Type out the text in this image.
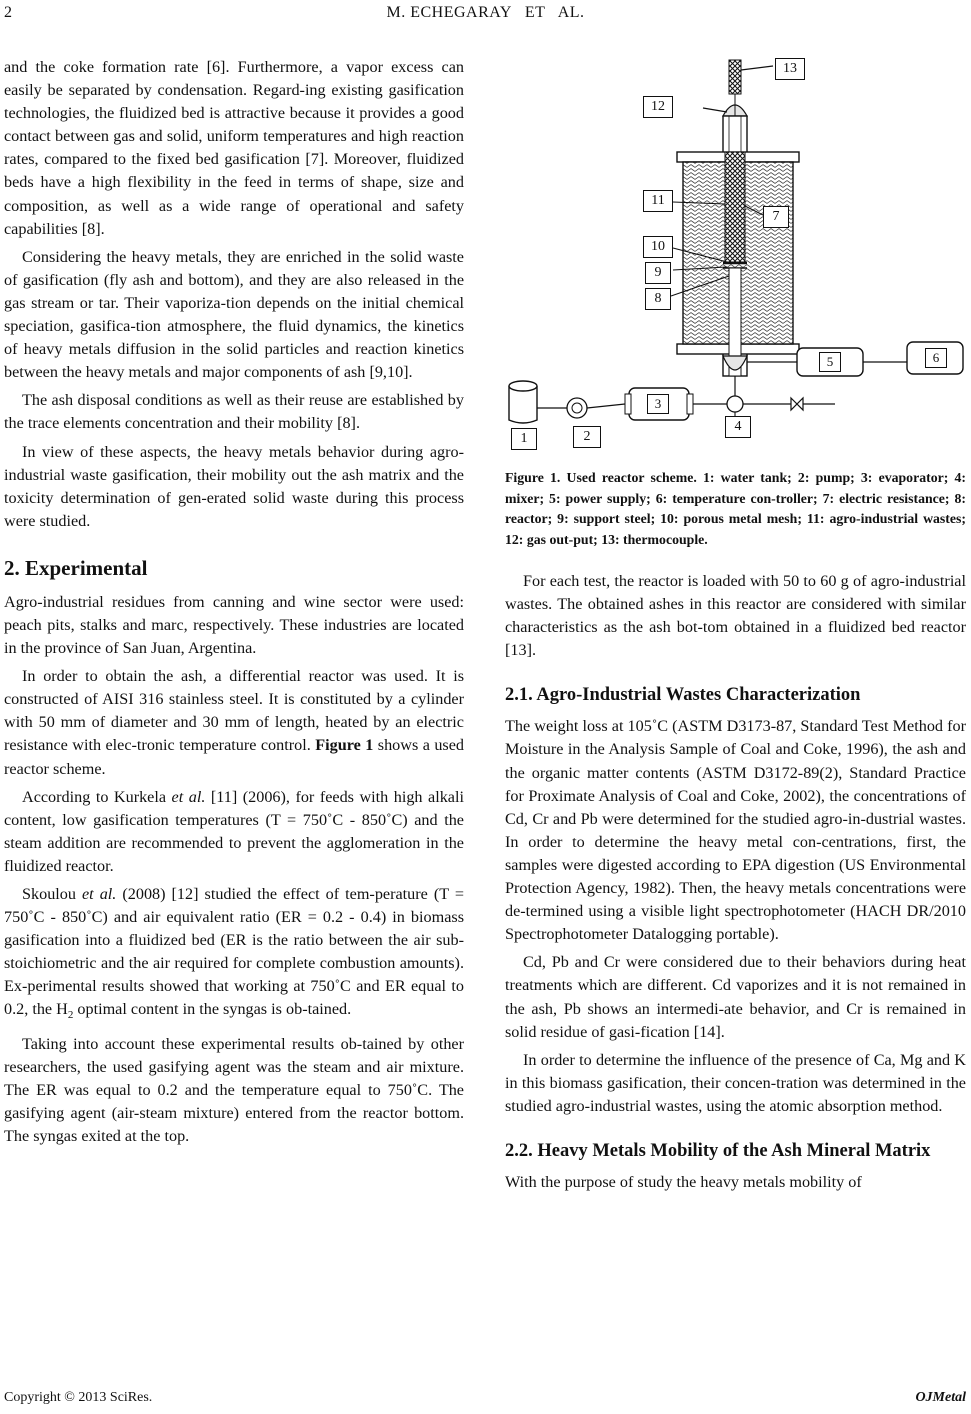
2	M. ECHEGARAY   ET   AL.

and the coke formation rate [6]. Furthermore, a vapor excess can easily be separated by condensation. Regard-ing existing gasification technologies, the fluidized bed is attractive because it provides a good contact between gas and solid, uniform temperatures and high reaction rates, compared to the fixed bed gasification [7]. Moreover, fluidized beds have a high flexibility in the feed in terms of shape, size and composition, as well as a wide range of operational and safety capabilities [8].

Considering the heavy metals, they are enriched in the solid waste of gasification (fly ash and bottom), and they are also released in the gas stream or tar. Their vaporiza-tion depends on the initial chemical speciation, gasifica-tion atmosphere, the fluid dynamics, the kinetics of heavy metals diffusion in the solid particles and reaction kinetics between the heavy metals and major components of ash [9,10].

The ash disposal conditions as well as their reuse are established by the trace elements concentration and their mobility [8].

In view of these aspects, the heavy metals behavior during agro-industrial waste gasification, their mobility out the ash matrix and the toxicity determination of gen-erated solid waste during this process were studied.

2. Experimental

Agro-industrial residues from canning and wine sector were used: peach pits, stalks and marc, respectively. These industries are located in the province of San Juan, Argentina.

In order to obtain the ash, a differential reactor was used. It is constructed of AISI 316 stainless steel. It is constituted by a cylinder with 50 mm of diameter and 30 mm of length, heated by an electric resistance with elec-tronic temperature control. Figure 1 shows a used reactor scheme.

According to Kurkela et al. [11] (2006), for feeds with high alkali content, low gasification temperatures (T = 750˚C - 850˚C) and the steam addition are recommended to prevent the agglomeration in the fluidized reactor.

Skoulou et al. (2008) [12] studied the effect of tem-perature (T = 750˚C - 850˚C) and air equivalent ratio (ER = 0.2 - 0.4) in biomass gasification into a fluidized bed (ER is the ratio between the air sub-stoichiometric and the air required for complete combustion amounts). Ex-perimental results showed that working at 750˚C and ER equal to 0.2, the $H_2$ optimal content in the syngas is ob-tained.

Taking into account these experimental results ob-tained by other researchers, the used gasifying agent was the steam and air mixture. The ER was equal to 0.2 and the temperature equal to 750˚C. The gasifying agent (air-steam mixture) entered from the reactor bottom. The syngas exited at the top.

13
12
11
7
10
9
8
5	6
3
4
1	2

Figure 1. Used reactor scheme. 1: water tank; 2: pump; 3: evaporator; 4: mixer; 5: power supply; 6: temperature con-troller; 7: electric resistance; 8: reactor; 9: support steel; 10: porous metal mesh; 11: agro-industrial wastes; 12: gas out-put; 13: thermocouple.

For each test, the reactor is loaded with 50 to 60 g of agro-industrial wastes. The obtained ashes in this reactor are considered with similar characteristics as the ash bot-tom obtained in a fluidized bed reactor [13].

2.1. Agro-Industrial Wastes Characterization

The weight loss at 105˚C (ASTM D3173-87, Standard Test Method for Moisture in the Analysis Sample of Coal and Coke, 1996), the ash and the organic matter contents (ASTM D3172-89(2), Standard Practice for Proximate Analysis of Coal and Coke, 2002), the concentrations of Cd, Cr and Pb were determined for the studied agro-in-dustrial wastes. In order to determine the heavy metal con-centrations, first, the samples were digested according to EPA digestion (US Environmental Protection Agency, 1982). Then, the heavy metals concentrations were de-termined using a visible light spectrophotometer (HACH DR/2010 Spectrophotometer Datalogging portable).

Cd, Pb and Cr were considered due to their behaviors during heat treatments which are different. Cd vaporizes and it is not remained in the ash, Pb shows an intermedi-ate behavior, and Cr is remained in solid residue of gasi-fication [14].

In order to determine the influence of the presence of Ca, Mg and K in this biomass gasification, their concen-tration was determined in the studied agro-industrial wastes, using the atomic absorption method.

2.2. Heavy Metals Mobility of the Ash Mineral Matrix

With the purpose of study the heavy metals mobility of

Copyright © 2013 SciRes.	OJMetal
